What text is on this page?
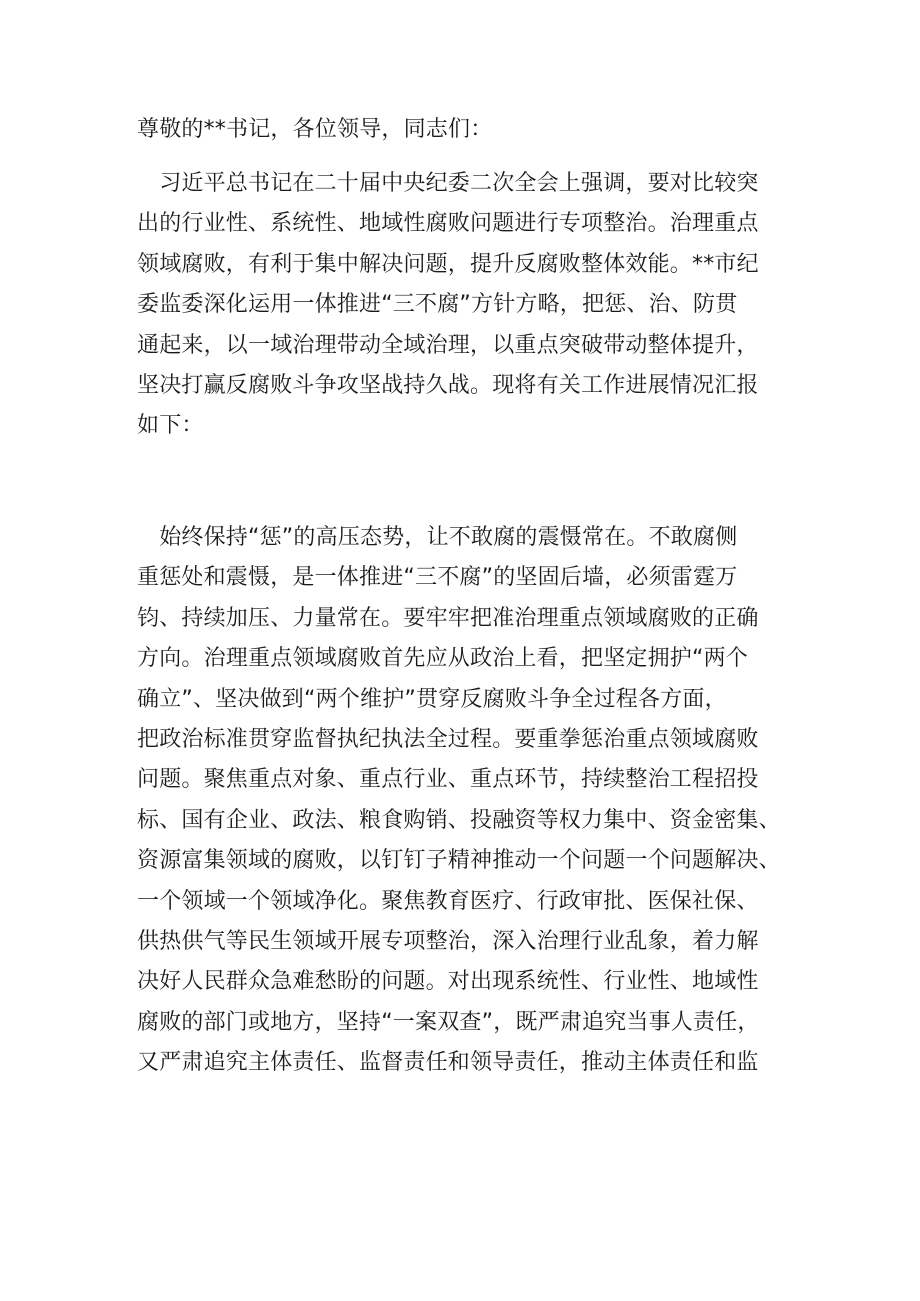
尊敬的**书记，各位领导，同志们：

　习近平总书记在二十届中央纪委二次全会上强调，要对比较突
出的行业性、系统性、地域性腐败问题进行专项整治。治理重点
领域腐败，有利于集中解决问题，提升反腐败整体效能。**市纪
委监委深化运用一体推进“三不腐”方针方略，把惩、治、防贯
通起来，以一域治理带动全域治理，以重点突破带动整体提升，
坚决打赢反腐败斗争攻坚战持久战。现将有关工作进展情况汇报
如下：

　始终保持“惩”的高压态势，让不敢腐的震慑常在。不敢腐侧
重惩处和震慑，是一体推进“三不腐”的坚固后墙，必须雷霆万
钧、持续加压、力量常在。要牢牢把准治理重点领域腐败的正确
方向。治理重点领域腐败首先应从政治上看，把坚定拥护“两个
确立”、坚决做到“两个维护”贯穿反腐败斗争全过程各方面，
把政治标准贯穿监督执纪执法全过程。要重拳惩治重点领域腐败
问题。聚焦重点对象、重点行业、重点环节，持续整治工程招投
标、国有企业、政法、粮食购销、投融资等权力集中、资金密集、
资源富集领域的腐败，以钉钉子精神推动一个问题一个问题解决、
一个领域一个领域净化。聚焦教育医疗、行政审批、医保社保、
供热供气等民生领域开展专项整治，深入治理行业乱象，着力解
决好人民群众急难愁盼的问题。对出现系统性、行业性、地域性
腐败的部门或地方，坚持“一案双查”，既严肃追究当事人责任，
又严肃追究主体责任、监督责任和领导责任，推动主体责任和监
